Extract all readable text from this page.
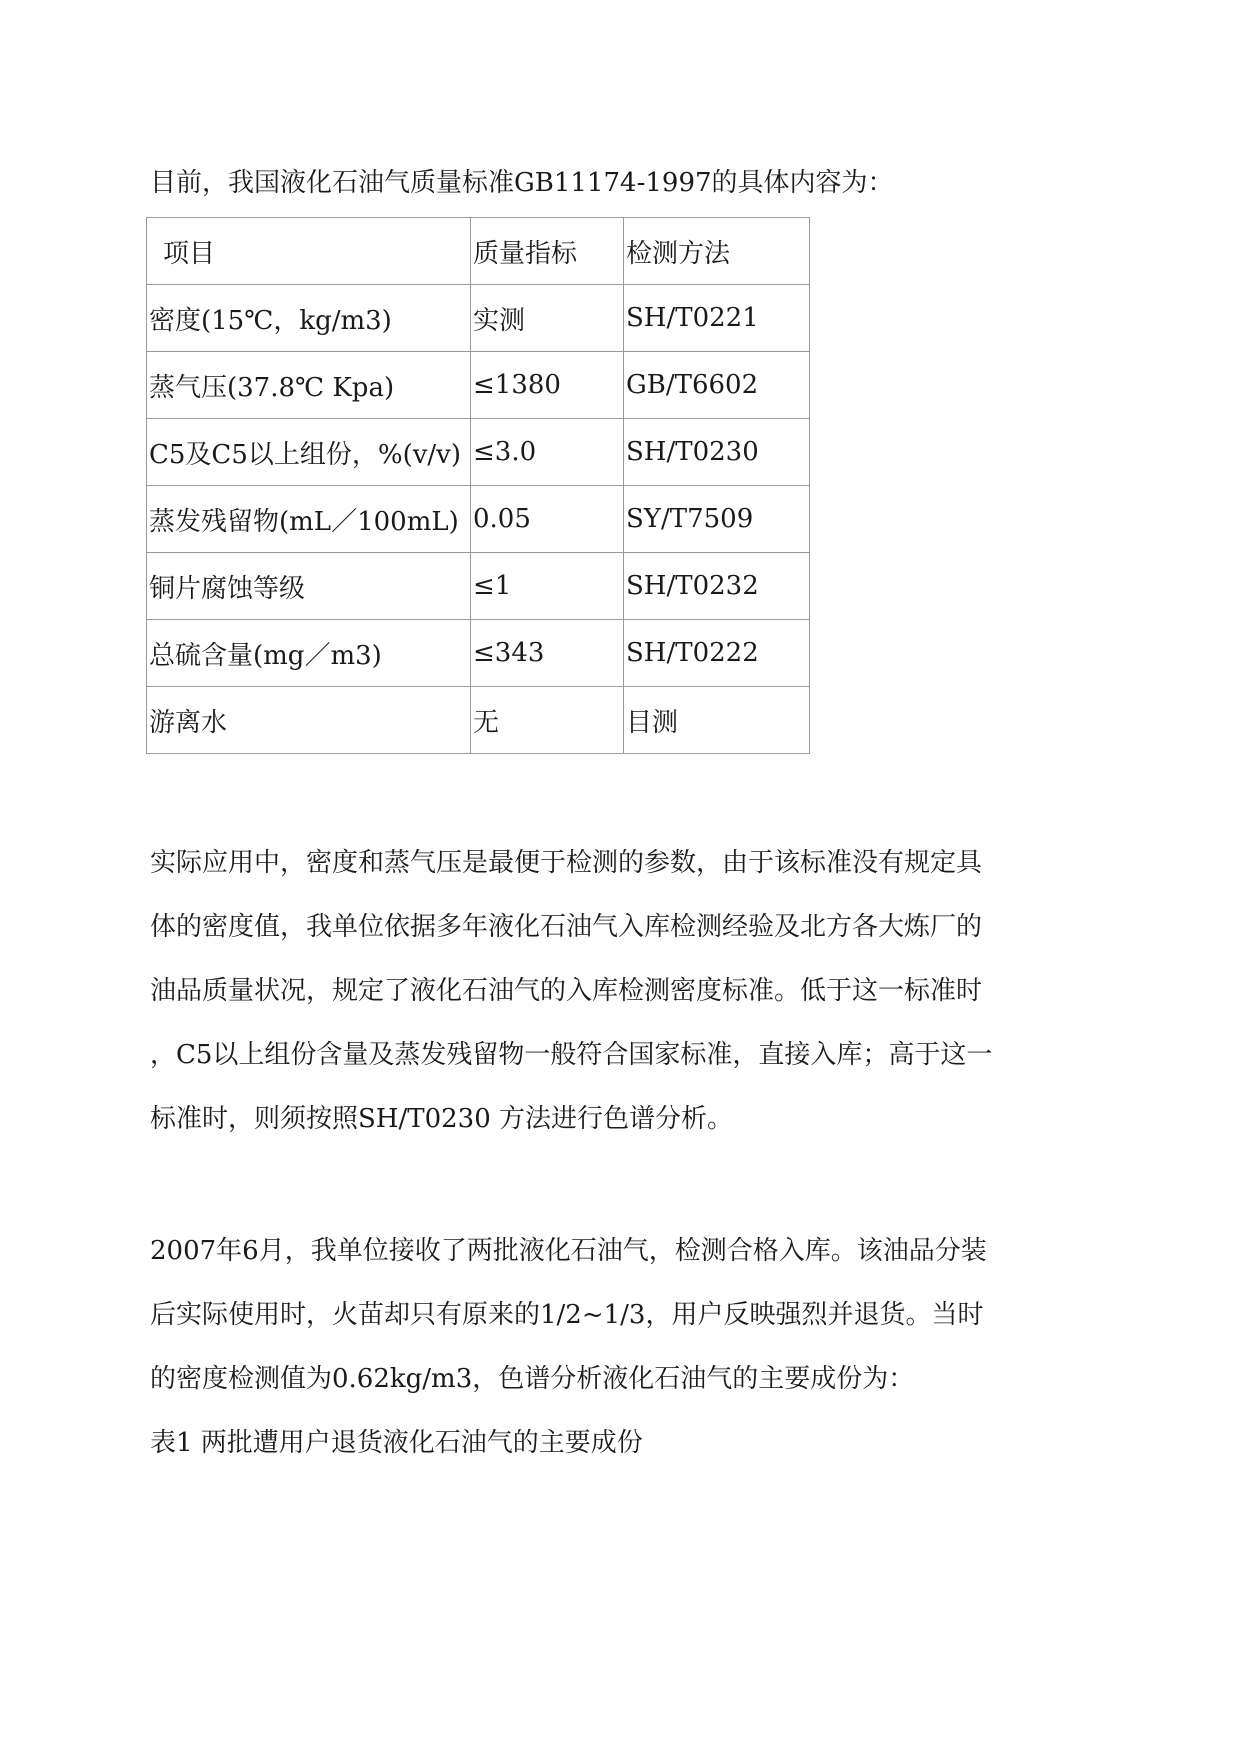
目前，我国液化石油气质量标准GB11174-1997的具体内容为：
项目	质量指标	检测方法
密度(15℃，kg/m3)	实测	SH/T0221
蒸气压(37.8℃ Kpa)	≤1380	GB/T6602
C5及C5以上组份，%(v/v)	≤3.0	SH/T0230
蒸发残留物(mL／100mL)	0.05	SY/T7509
铜片腐蚀等级	≤1	SH/T0232
总硫含量(mg／m3)	≤343	SH/T0222
游离水	无	目测
实际应用中，密度和蒸气压是最便于检测的参数，由于该标准没有规定具
体的密度值，我单位依据多年液化石油气入库检测经验及北方各大炼厂的
油品质量状况，规定了液化石油气的入库检测密度标准。低于这一标准时
，C5以上组份含量及蒸发残留物一般符合国家标准，直接入库；高于这一
标准时，则须按照SH/T0230 方法进行色谱分析。
2007年6月，我单位接收了两批液化石油气，检测合格入库。该油品分装
后实际使用时，火苗却只有原来的1/2~1/3，用户反映强烈并退货。当时
的密度检测值为0.62kg/m3，色谱分析液化石油气的主要成份为：
表1 两批遭用户退货液化石油气的主要成份
